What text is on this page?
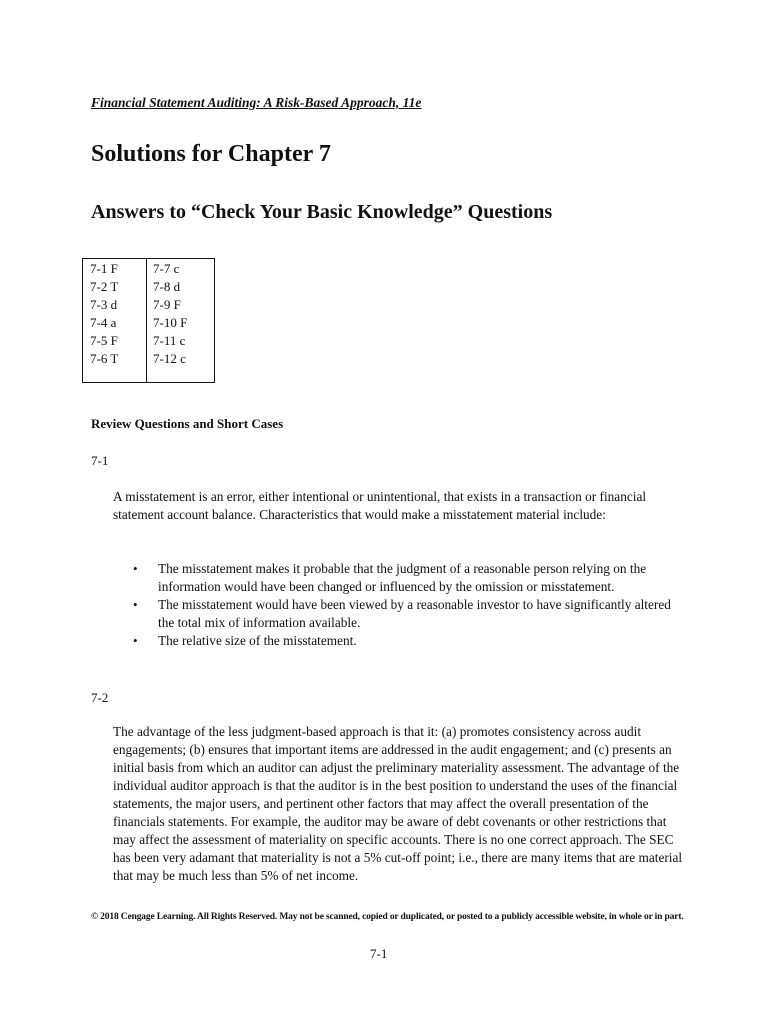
Financial Statement Auditing: A Risk-Based Approach, 11e
Solutions for Chapter 7
Answers to “Check Your Basic Knowledge” Questions
7-1 F
7-2 T
7-3 d
7-4 a
7-5 F
7-6 T
7-7 c
7-8 d
7-9 F
7-10 F
7-11 c
7-12 c
Review Questions and Short Cases
7-1
A misstatement is an error, either intentional or unintentional, that exists in a transaction or financial statement account balance. Characteristics that would make a misstatement material include:
• The misstatement makes it probable that the judgment of a reasonable person relying on the information would have been changed or influenced by the omission or misstatement.
• The misstatement would have been viewed by a reasonable investor to have significantly altered the total mix of information available.
• The relative size of the misstatement.
7-2
The advantage of the less judgment-based approach is that it: (a) promotes consistency across audit engagements; (b) ensures that important items are addressed in the audit engagement; and (c) presents an initial basis from which an auditor can adjust the preliminary materiality assessment. The advantage of the individual auditor approach is that the auditor is in the best position to understand the uses of the financial statements, the major users, and pertinent other factors that may affect the overall presentation of the financials statements. For example, the auditor may be aware of debt covenants or other restrictions that may affect the assessment of materiality on specific accounts. There is no one correct approach. The SEC has been very adamant that materiality is not a 5% cut-off point; i.e., there are many items that are material that may be much less than 5% of net income.
© 2018 Cengage Learning. All Rights Reserved. May not be scanned, copied or duplicated, or posted to a publicly accessible website, in whole or in part.
7-1
